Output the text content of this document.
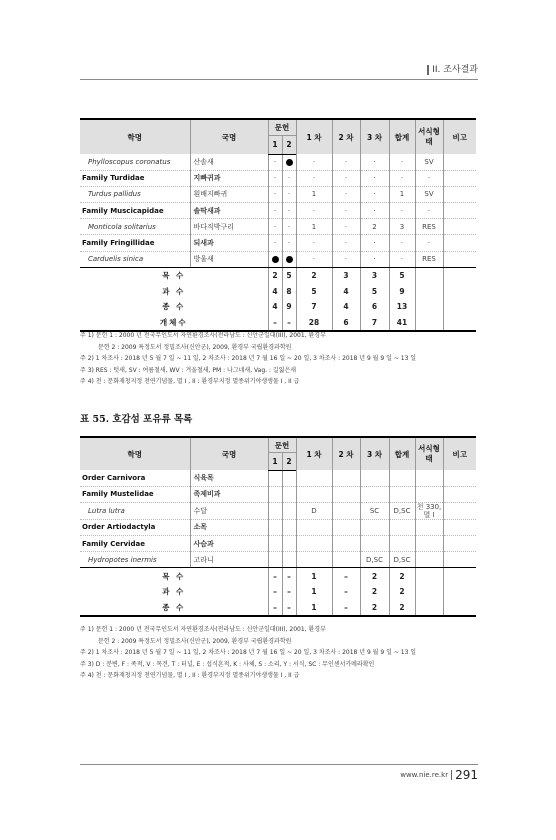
II. 조사결과
학명	국명	문헌		1 차	2 차	3 차	합계	서식형태	비고
		1	2						
Phylloscopus coronatus	산솔새	·		·	·	·	·	SV	
Family Turdidae	지빠귀과	·	·	·	·	·	·	·	
Turdus pallidus	흰배지빠귀	·	·	1	·	·	1	SV	
Family Muscicapidae	솔딱새과	·	·	·	·	·	·	·	
Monticola solitarius	바다직박구리	·	·	1	·	2	3	RES	
Family Fringillidae	되새과	·	·	·	·	·	·	·	
Carduelis sinica	방울새			·	·	·	·	RES	
목 수		2	5	2	3	3	5		
과 수		4	8	5	4	5	9		
종 수		4	9	7	4	6	13		
개체수		–	–	28	6	7	41		
주 1) 문헌 1 : 2000 년 전국무인도서 자연환경조사(전라남도 : 신안군일대(III), 2001, 환경부
문헌 2 : 2009 특정도서 정밀조사(신안군), 2009, 환경부 국립환경과학원
주 2) 1 차조사 : 2018 년 5 월 7 일 ~ 11 일, 2 차조사 : 2018 년 7 월 16 일 ~ 20 일, 3 차조사 : 2018 년 9 월 9 일 ~ 13 일
주 3) RES : 텃새, SV : 여름철새, WV : 겨울철새, PM : 나그네새, Vag. : 길잃은새
주 4) 천 : 문화재청지정 천연기념물, 멸 I , II : 환경부지정 멸종위기야생생물 I , II 급
표 55. 호감섬 포유류 목록
학명	국명	문헌		1 차	2 차	3 차	합계	서식형태	비고
		1	2						
Order Carnivora	식육목								
Family Mustelidae	족제비과								
Lutra lutra	수달			D		SC	D,SC	천 330, 멸 I	
Order Artiodactyla	소목								
Family Cervidae	사슴과								
Hydropotes inermis	고라니					D,SC	D,SC		
목 수		–	–	1	–	2	2		
과 수		–	–	1	–	2	2		
종 수		–	–	1	–	2	2		
주 1) 문헌 1 : 2000 년 전국무인도서 자연환경조사(전라남도 : 신안군일대(III), 2001, 환경부
문헌 2 : 2009 특정도서 정밀조사(신안군), 2009, 환경부 국립환경과학원
주 2) 1 차조사 : 2018 년 5 월 7 일 ~ 11 일, 2 차조사 : 2018 년 7 월 16 일 ~ 20 일, 3 차조사 : 2018 년 9 월 9 일 ~ 13 일
주 3) D : 분변, F : 족적, V : 목견, T : 터널, E : 섭식흔적, K : 사체, S : 소리, Y : 서식, SC : 무인센서카메라확인
주 4) 천 : 문화재청지정 천연기념물, 멸 I , II : 환경부지정 멸종위기야생생물 I , II 급
www.nie.re.kr 291
